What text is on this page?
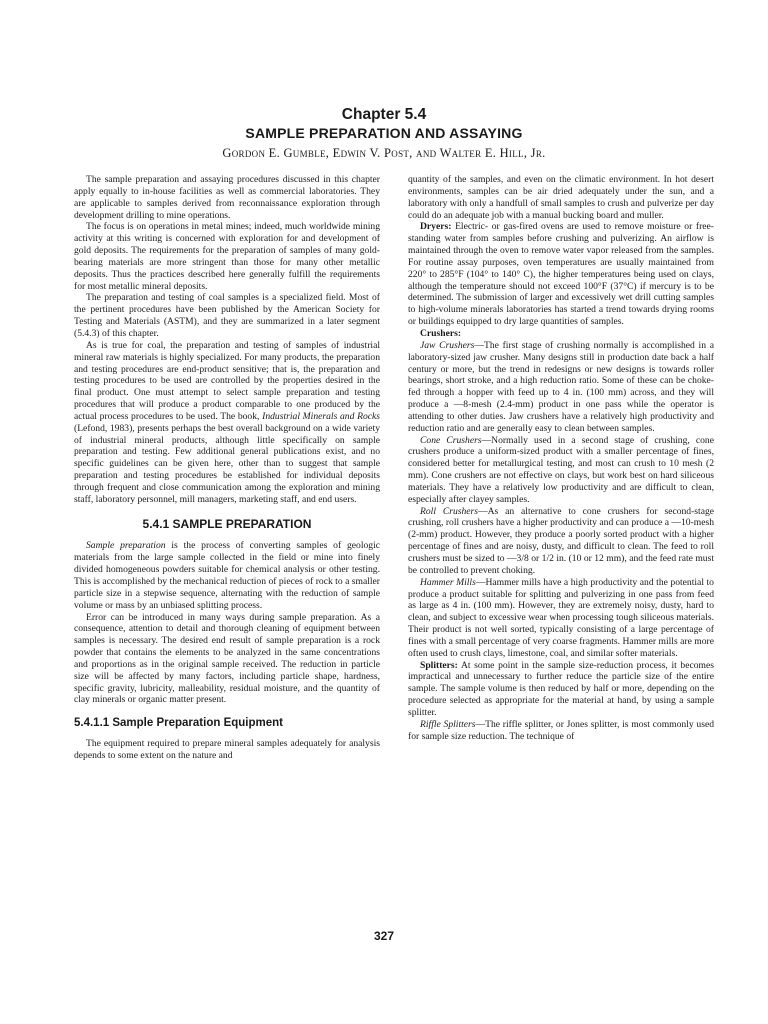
Chapter 5.4
SAMPLE PREPARATION AND ASSAYING
Gordon E. Gumble, Edwin V. Post, and Walter E. Hill, Jr.

The sample preparation and assaying procedures discussed in this chapter apply equally to in-house facilities as well as commercial laboratories. They are applicable to samples derived from reconnaissance exploration through development drilling to mine operations.

The focus is on operations in metal mines; indeed, much worldwide mining activity at this writing is concerned with exploration for and development of gold deposits. The requirements for the preparation of samples of many gold-bearing materials are more stringent than those for many other metallic deposits. Thus the practices described here generally fulfill the requirements for most metallic mineral deposits.

The preparation and testing of coal samples is a specialized field. Most of the pertinent procedures have been published by the American Society for Testing and Materials (ASTM), and they are summarized in a later segment (5.4.3) of this chapter.

As is true for coal, the preparation and testing of samples of industrial mineral raw materials is highly specialized. For many products, the preparation and testing procedures are end-product sensitive; that is, the preparation and testing procedures to be used are controlled by the properties desired in the final product. One must attempt to select sample preparation and testing procedures that will produce a product comparable to one produced by the actual process procedures to be used. The book, Industrial Minerals and Rocks (Lefond, 1983), presents perhaps the best overall background on a wide variety of industrial mineral products, although little specifically on sample preparation and testing. Few additional general publications exist, and no specific guidelines can be given here, other than to suggest that sample preparation and testing procedures be established for individual deposits through frequent and close communication among the exploration and mining staff, laboratory personnel, mill managers, marketing staff, and end users.

5.4.1 SAMPLE PREPARATION

Sample preparation is the process of converting samples of geologic materials from the large sample collected in the field or mine into finely divided homogeneous powders suitable for chemical analysis or other testing. This is accomplished by the mechanical reduction of pieces of rock to a smaller particle size in a stepwise sequence, alternating with the reduction of sample volume or mass by an unbiased splitting process.

Error can be introduced in many ways during sample preparation. As a consequence, attention to detail and thorough cleaning of equipment between samples is necessary. The desired end result of sample preparation is a rock powder that contains the elements to be analyzed in the same concentrations and proportions as in the original sample received. The reduction in particle size will be affected by many factors, including particle shape, hardness, specific gravity, lubricity, malleability, residual moisture, and the quantity of clay minerals or organic matter present.

5.4.1.1 Sample Preparation Equipment

The equipment required to prepare mineral samples adequately for analysis depends to some extent on the nature and

quantity of the samples, and even on the climatic environment. In hot desert environments, samples can be air dried adequately under the sun, and a laboratory with only a handfull of small samples to crush and pulverize per day could do an adequate job with a manual bucking board and muller.

Dryers: Electric- or gas-fired ovens are used to remove moisture or free-standing water from samples before crushing and pulverizing. An airflow is maintained through the oven to remove water vapor released from the samples. For routine assay purposes, oven temperatures are usually maintained from 220° to 285°F (104° to 140° C), the higher temperatures being used on clays, although the temperature should not exceed 100°F (37°C) if mercury is to be determined. The submission of larger and excessively wet drill cutting samples to high-volume minerals laboratories has started a trend towards drying rooms or buildings equipped to dry large quantities of samples.

Crushers:

Jaw Crushers—The first stage of crushing normally is accomplished in a laboratory-sized jaw crusher. Many designs still in production date back a half century or more, but the trend in redesigns or new designs is towards roller bearings, short stroke, and a high reduction ratio. Some of these can be choke-fed through a hopper with feed up to 4 in. (100 mm) across, and they will produce a —8-mesh (2.4-mm) product in one pass while the operator is attending to other duties. Jaw crushers have a relatively high productivity and reduction ratio and are generally easy to clean between samples.

Cone Crushers—Normally used in a second stage of crushing, cone crushers produce a uniform-sized product with a smaller percentage of fines, considered better for metallurgical testing, and most can crush to 10 mesh (2 mm). Cone crushers are not effective on clays, but work best on hard siliceous materials. They have a relatively low productivity and are difficult to clean, especially after clayey samples.

Roll Crushers—As an alternative to cone crushers for second-stage crushing, roll crushers have a higher productivity and can produce a —10-mesh (2-mm) product. However, they produce a poorly sorted product with a higher percentage of fines and are noisy, dusty, and difficult to clean. The feed to roll crushers must be sized to —3/8 or 1/2 in. (10 or 12 mm), and the feed rate must be controlled to prevent choking.

Hammer Mills—Hammer mills have a high productivity and the potential to produce a product suitable for splitting and pulverizing in one pass from feed as large as 4 in. (100 mm). However, they are extremely noisy, dusty, hard to clean, and subject to excessive wear when processing tough siliceous materials. Their product is not well sorted, typically consisting of a large percentage of fines with a small percentage of very coarse fragments. Hammer mills are more often used to crush clays, limestone, coal, and similar softer materials.

Splitters: At some point in the sample size-reduction process, it becomes impractical and unnecessary to further reduce the particle size of the entire sample. The sample volume is then reduced by half or more, depending on the procedure selected as appropriate for the material at hand, by using a sample splitter.

Riffle Splitters—The riffle splitter, or Jones splitter, is most commonly used for sample size reduction. The technique of

327
